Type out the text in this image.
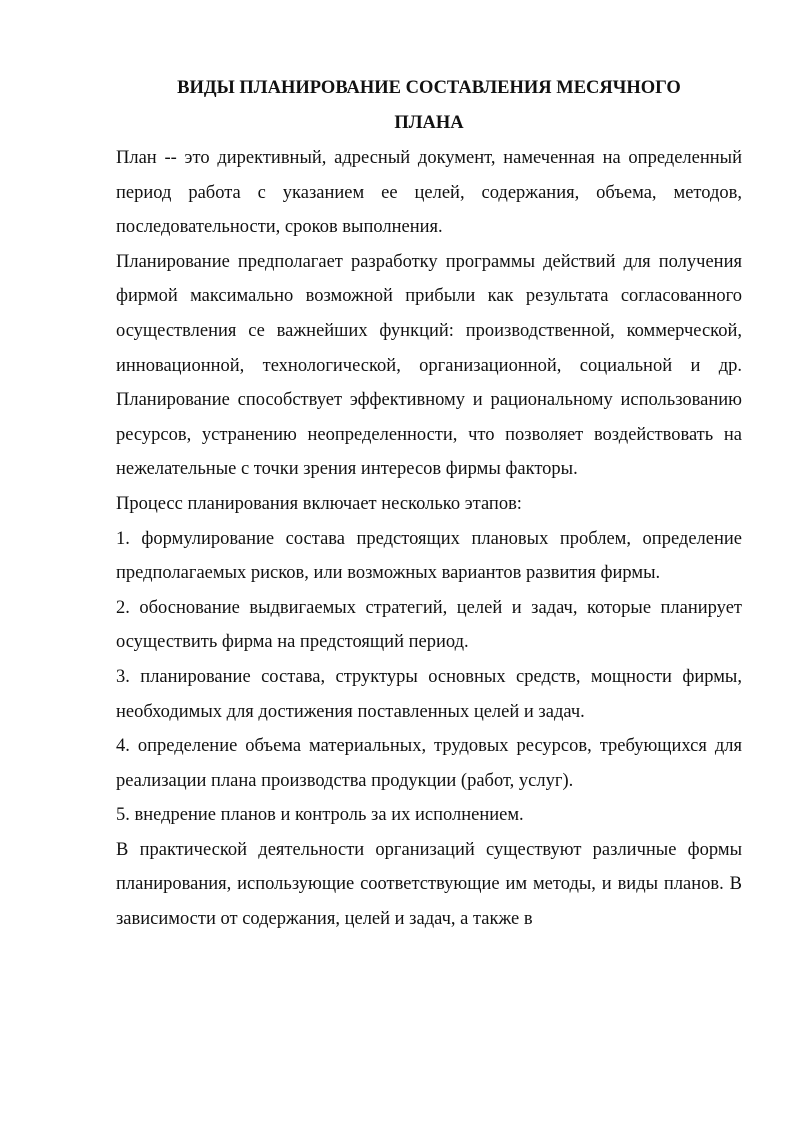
ВИДЫ ПЛАНИРОВАНИЕ СОСТАВЛЕНИЯ МЕСЯЧНОГО
ПЛАНА

План -- это директивный, адресный документ, намеченная на определенный период работа с указанием ее целей, содержания, объема, методов, последовательности, сроков выполнения.

Планирование предполагает разработку программы действий для получения фирмой максимально возможной прибыли как результата согласованного осуществления се важнейших функций: производственной, коммерческой, инновационной, технологической, организационной, социальной и др. Планирование способствует эффективному и рациональному использованию ресурсов, устранению неопределенности, что позволяет воздействовать на нежелательные с точки зрения интересов фирмы факторы.

Процесс планирования включает несколько этапов:

1. формулирование состава предстоящих плановых проблем, определение предполагаемых рисков, или возможных вариантов развития фирмы.

2. обоснование выдвигаемых стратегий, целей и задач, которые планирует осуществить фирма на предстоящий период.

3. планирование состава, структуры основных средств, мощности фирмы, необходимых для достижения поставленных целей и задач.

4. определение объема материальных, трудовых ресурсов, требующихся для реализации плана производства продукции (работ, услуг).

5. внедрение планов и контроль за их исполнением.

В практической деятельности организаций существуют различные формы планирования, использующие соответствующие им методы, и виды планов. В зависимости от содержания, целей и задач, а также в
